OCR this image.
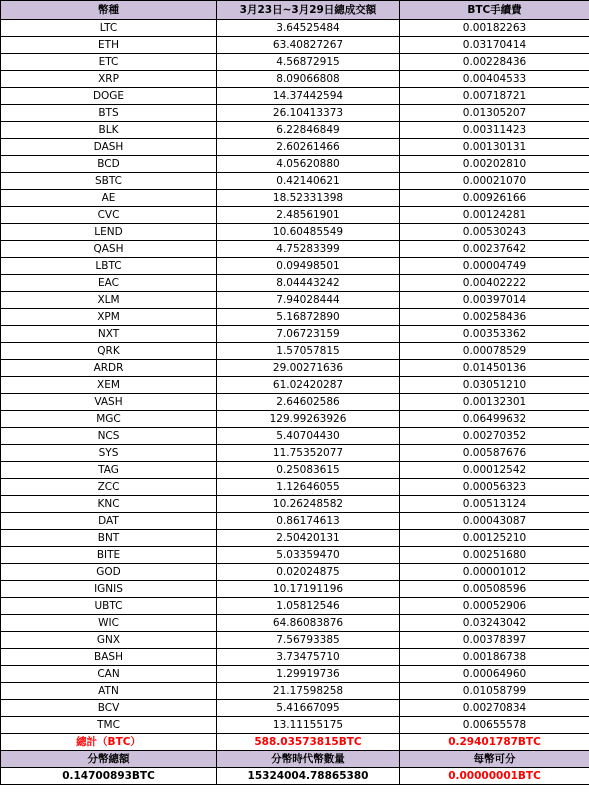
幣種	3月23日~3月29日總成交額	BTC手續費
LTC	3.64525484	0.00182263
ETH	63.40827267	0.03170414
ETC	4.56872915	0.00228436
XRP	8.09066808	0.00404533
DOGE	14.37442594	0.00718721
BTS	26.10413373	0.01305207
BLK	6.22846849	0.00311423
DASH	2.60261466	0.00130131
BCD	4.05620880	0.00202810
SBTC	0.42140621	0.00021070
AE	18.52331398	0.00926166
CVC	2.48561901	0.00124281
LEND	10.60485549	0.00530243
QASH	4.75283399	0.00237642
LBTC	0.09498501	0.00004749
EAC	8.04443242	0.00402222
XLM	7.94028444	0.00397014
XPM	5.16872890	0.00258436
NXT	7.06723159	0.00353362
QRK	1.57057815	0.00078529
ARDR	29.00271636	0.01450136
XEM	61.02420287	0.03051210
VASH	2.64602586	0.00132301
MGC	129.99263926	0.06499632
NCS	5.40704430	0.00270352
SYS	11.75352077	0.00587676
TAG	0.25083615	0.00012542
ZCC	1.12646055	0.00056323
KNC	10.26248582	0.00513124
DAT	0.86174613	0.00043087
BNT	2.50420131	0.00125210
BITE	5.03359470	0.00251680
GOD	0.02024875	0.00001012
IGNIS	10.17191196	0.00508596
UBTC	1.05812546	0.00052906
WIC	64.86083876	0.03243042
GNX	7.56793385	0.00378397
BASH	3.73475710	0.00186738
CAN	1.29919736	0.00064960
ATN	21.17598258	0.01058799
BCV	5.41667095	0.00270834
TMC	13.11155175	0.00655578
總計（BTC）	588.03573815BTC	0.29401787BTC
分幣總額	分幣時代幣數量	每幣可分
0.14700893BTC	15324004.78865380	0.00000001BTC
